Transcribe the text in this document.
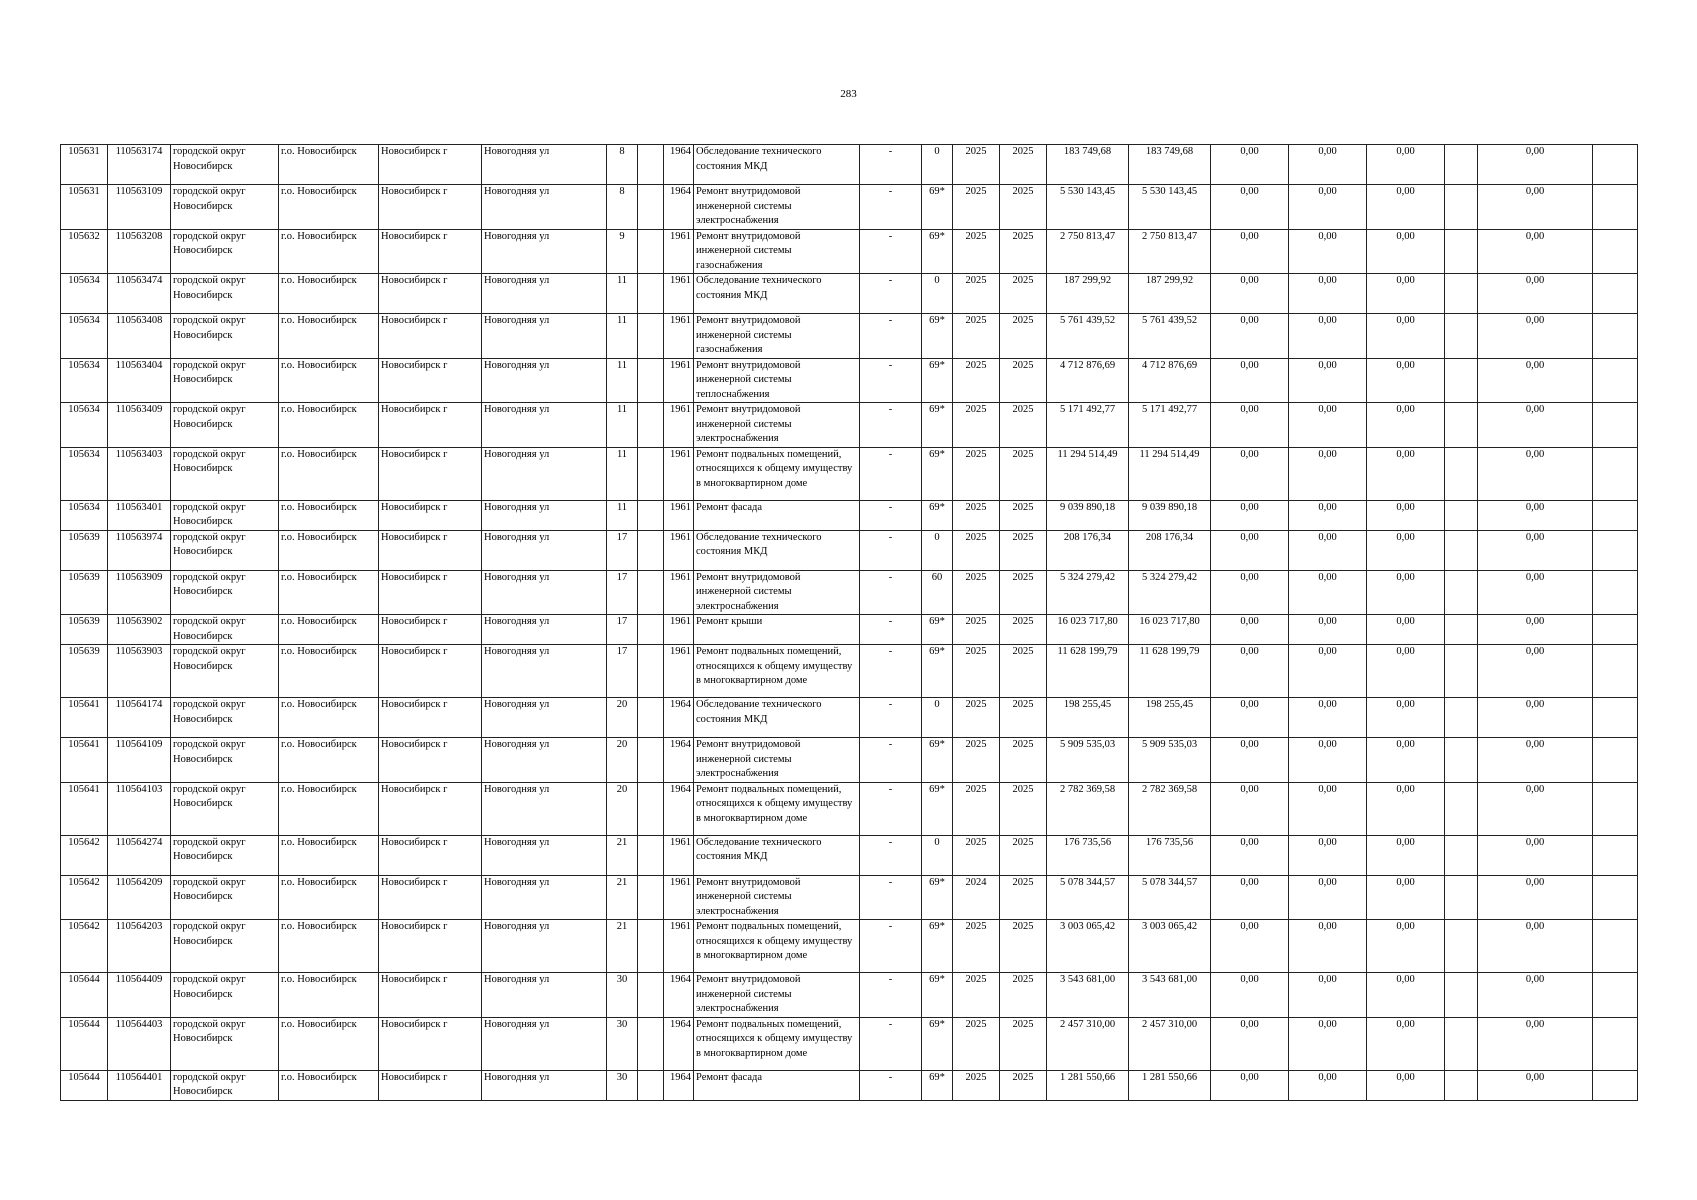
283
105631	110563174	городской округ Новосибирск	г.о. Новосибирск	Новосибирск г	Новогодняя ул	8		1964	Обследование технического состояния МКД	-	0	2025	2025	183 749,68	183 749,68	0,00	0,00	0,00		0,00	
105631	110563109	городской округ Новосибирск	г.о. Новосибирск	Новосибирск г	Новогодняя ул	8		1964	Ремонт внутридомовой инженерной системы электроснабжения	-	69*	2025	2025	5 530 143,45	5 530 143,45	0,00	0,00	0,00		0,00	
105632	110563208	городской округ Новосибирск	г.о. Новосибирск	Новосибирск г	Новогодняя ул	9		1961	Ремонт внутридомовой инженерной системы газоснабжения	-	69*	2025	2025	2 750 813,47	2 750 813,47	0,00	0,00	0,00		0,00	
105634	110563474	городской округ Новосибирск	г.о. Новосибирск	Новосибирск г	Новогодняя ул	11		1961	Обследование технического состояния МКД	-	0	2025	2025	187 299,92	187 299,92	0,00	0,00	0,00		0,00	
105634	110563408	городской округ Новосибирск	г.о. Новосибирск	Новосибирск г	Новогодняя ул	11		1961	Ремонт внутридомовой инженерной системы газоснабжения	-	69*	2025	2025	5 761 439,52	5 761 439,52	0,00	0,00	0,00		0,00	
105634	110563404	городской округ Новосибирск	г.о. Новосибирск	Новосибирск г	Новогодняя ул	11		1961	Ремонт внутридомовой инженерной системы теплоснабжения	-	69*	2025	2025	4 712 876,69	4 712 876,69	0,00	0,00	0,00		0,00	
105634	110563409	городской округ Новосибирск	г.о. Новосибирск	Новосибирск г	Новогодняя ул	11		1961	Ремонт внутридомовой инженерной системы электроснабжения	-	69*	2025	2025	5 171 492,77	5 171 492,77	0,00	0,00	0,00		0,00	
105634	110563403	городской округ Новосибирск	г.о. Новосибирск	Новосибирск г	Новогодняя ул	11		1961	Ремонт подвальных помещений, относящихся к общему имуществу в многоквартирном доме	-	69*	2025	2025	11 294 514,49	11 294 514,49	0,00	0,00	0,00		0,00	
105634	110563401	городской округ Новосибирск	г.о. Новосибирск	Новосибирск г	Новогодняя ул	11		1961	Ремонт фасада	-	69*	2025	2025	9 039 890,18	9 039 890,18	0,00	0,00	0,00		0,00	
105639	110563974	городской округ Новосибирск	г.о. Новосибирск	Новосибирск г	Новогодняя ул	17		1961	Обследование технического состояния МКД	-	0	2025	2025	208 176,34	208 176,34	0,00	0,00	0,00		0,00	
105639	110563909	городской округ Новосибирск	г.о. Новосибирск	Новосибирск г	Новогодняя ул	17		1961	Ремонт внутридомовой инженерной системы электроснабжения	-	60	2025	2025	5 324 279,42	5 324 279,42	0,00	0,00	0,00		0,00	
105639	110563902	городской округ Новосибирск	г.о. Новосибирск	Новосибирск г	Новогодняя ул	17		1961	Ремонт крыши	-	69*	2025	2025	16 023 717,80	16 023 717,80	0,00	0,00	0,00		0,00	
105639	110563903	городской округ Новосибирск	г.о. Новосибирск	Новосибирск г	Новогодняя ул	17		1961	Ремонт подвальных помещений, относящихся к общему имуществу в многоквартирном доме	-	69*	2025	2025	11 628 199,79	11 628 199,79	0,00	0,00	0,00		0,00	
105641	110564174	городской округ Новосибирск	г.о. Новосибирск	Новосибирск г	Новогодняя ул	20		1964	Обследование технического состояния МКД	-	0	2025	2025	198 255,45	198 255,45	0,00	0,00	0,00		0,00	
105641	110564109	городской округ Новосибирск	г.о. Новосибирск	Новосибирск г	Новогодняя ул	20		1964	Ремонт внутридомовой инженерной системы электроснабжения	-	69*	2025	2025	5 909 535,03	5 909 535,03	0,00	0,00	0,00		0,00	
105641	110564103	городской округ Новосибирск	г.о. Новосибирск	Новосибирск г	Новогодняя ул	20		1964	Ремонт подвальных помещений, относящихся к общему имуществу в многоквартирном доме	-	69*	2025	2025	2 782 369,58	2 782 369,58	0,00	0,00	0,00		0,00	
105642	110564274	городской округ Новосибирск	г.о. Новосибирск	Новосибирск г	Новогодняя ул	21		1961	Обследование технического состояния МКД	-	0	2025	2025	176 735,56	176 735,56	0,00	0,00	0,00		0,00	
105642	110564209	городской округ Новосибирск	г.о. Новосибирск	Новосибирск г	Новогодняя ул	21		1961	Ремонт внутридомовой инженерной системы электроснабжения	-	69*	2024	2025	5 078 344,57	5 078 344,57	0,00	0,00	0,00		0,00	
105642	110564203	городской округ Новосибирск	г.о. Новосибирск	Новосибирск г	Новогодняя ул	21		1961	Ремонт подвальных помещений, относящихся к общему имуществу в многоквартирном доме	-	69*	2025	2025	3 003 065,42	3 003 065,42	0,00	0,00	0,00		0,00	
105644	110564409	городской округ Новосибирск	г.о. Новосибирск	Новосибирск г	Новогодняя ул	30		1964	Ремонт внутридомовой инженерной системы электроснабжения	-	69*	2025	2025	3 543 681,00	3 543 681,00	0,00	0,00	0,00		0,00	
105644	110564403	городской округ Новосибирск	г.о. Новосибирск	Новосибирск г	Новогодняя ул	30		1964	Ремонт подвальных помещений, относящихся к общему имуществу в многоквартирном доме	-	69*	2025	2025	2 457 310,00	2 457 310,00	0,00	0,00	0,00		0,00	
105644	110564401	городской округ Новосибирск	г.о. Новосибирск	Новосибирск г	Новогодняя ул	30		1964	Ремонт фасада	-	69*	2025	2025	1 281 550,66	1 281 550,66	0,00	0,00	0,00		0,00	
